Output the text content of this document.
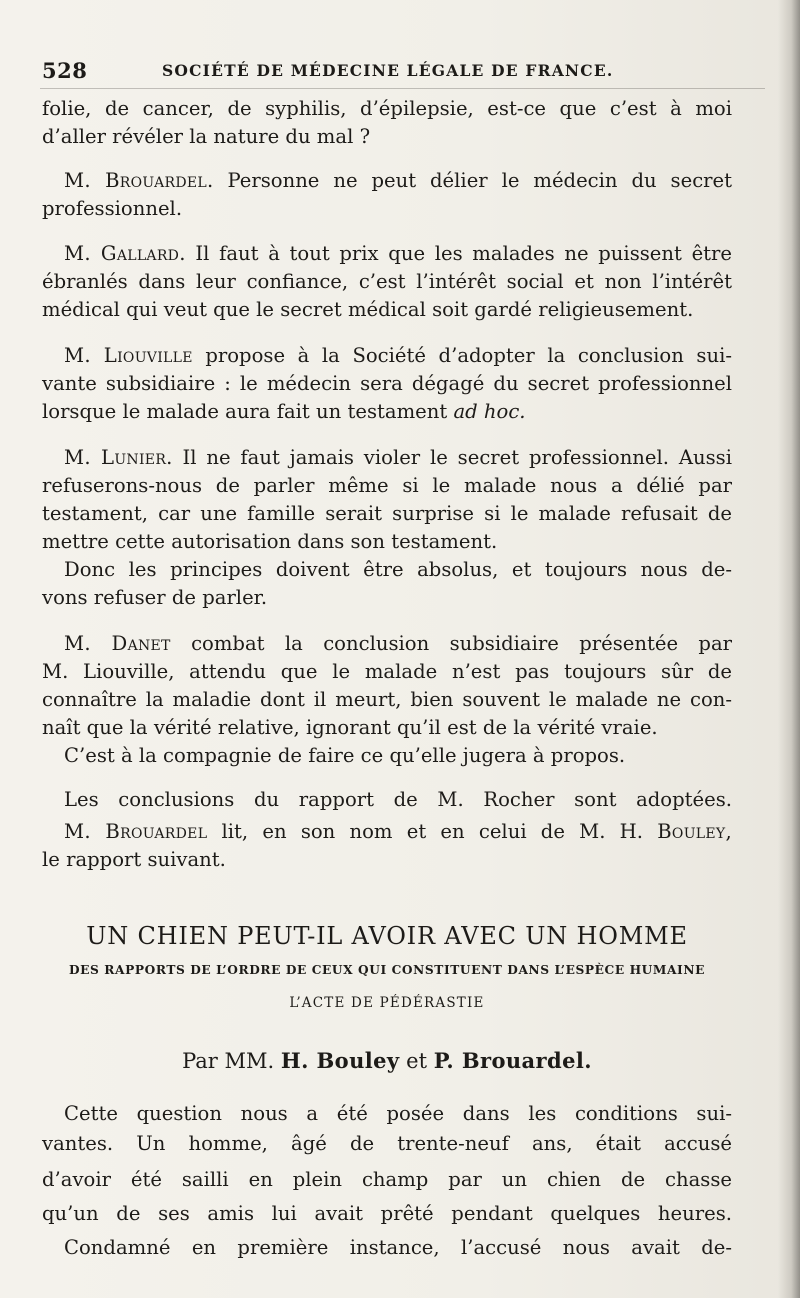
528	SOCIÉTÉ DE MÉDECINE LÉGALE DE FRANCE.
folie, de cancer, de syphilis, d’épilepsie, est-ce que c’est à moi
d’aller révéler la nature du mal ?
M. Brouardel. Personne ne peut délier le médecin du secret
professionnel.
M. Gallard. Il faut à tout prix que les malades ne puissent être
ébranlés dans leur confiance, c’est l’intérêt social et non l’intérêt
médical qui veut que le secret médical soit gardé religieusement.
M. Liouville propose à la Société d’adopter la conclusion sui-
vante subsidiaire : le médecin sera dégagé du secret professionnel
lorsque le malade aura fait un testament ad hoc.
M. Lunier. Il ne faut jamais violer le secret professionnel. Aussi
refuserons-nous de parler même si le malade nous a délié par
testament, car une famille serait surprise si le malade refusait de
mettre cette autorisation dans son testament.
Donc les principes doivent être absolus, et toujours nous de-
vons refuser de parler.
M. Danet combat la conclusion subsidiaire présentée par
M. Liouville, attendu que le malade n’est pas toujours sûr de
connaître la maladie dont il meurt, bien souvent le malade ne con-
naît que la vérité relative, ignorant qu’il est de la vérité vraie.
C’est à la compagnie de faire ce qu’elle jugera à propos.
Les conclusions du rapport de M. Rocher sont adoptées.
M. Brouardel lit, en son nom et en celui de M. H. Bouley,
le rapport suivant.
UN CHIEN PEUT-IL AVOIR AVEC UN HOMME
DES RAPPORTS DE L’ORDRE DE CEUX QUI CONSTITUENT DANS L’ESPÈCE HUMAINE
L’ACTE DE PÉDÉRASTIE
Par MM. H. Bouley et P. Brouardel.
Cette question nous a été posée dans les conditions sui-
vantes. Un homme, âgé de trente-neuf ans, était accusé
d’avoir été sailli en plein champ par un chien de chasse
qu’un de ses amis lui avait prêté pendant quelques heures.
Condamné en première instance, l’accusé nous avait de-
